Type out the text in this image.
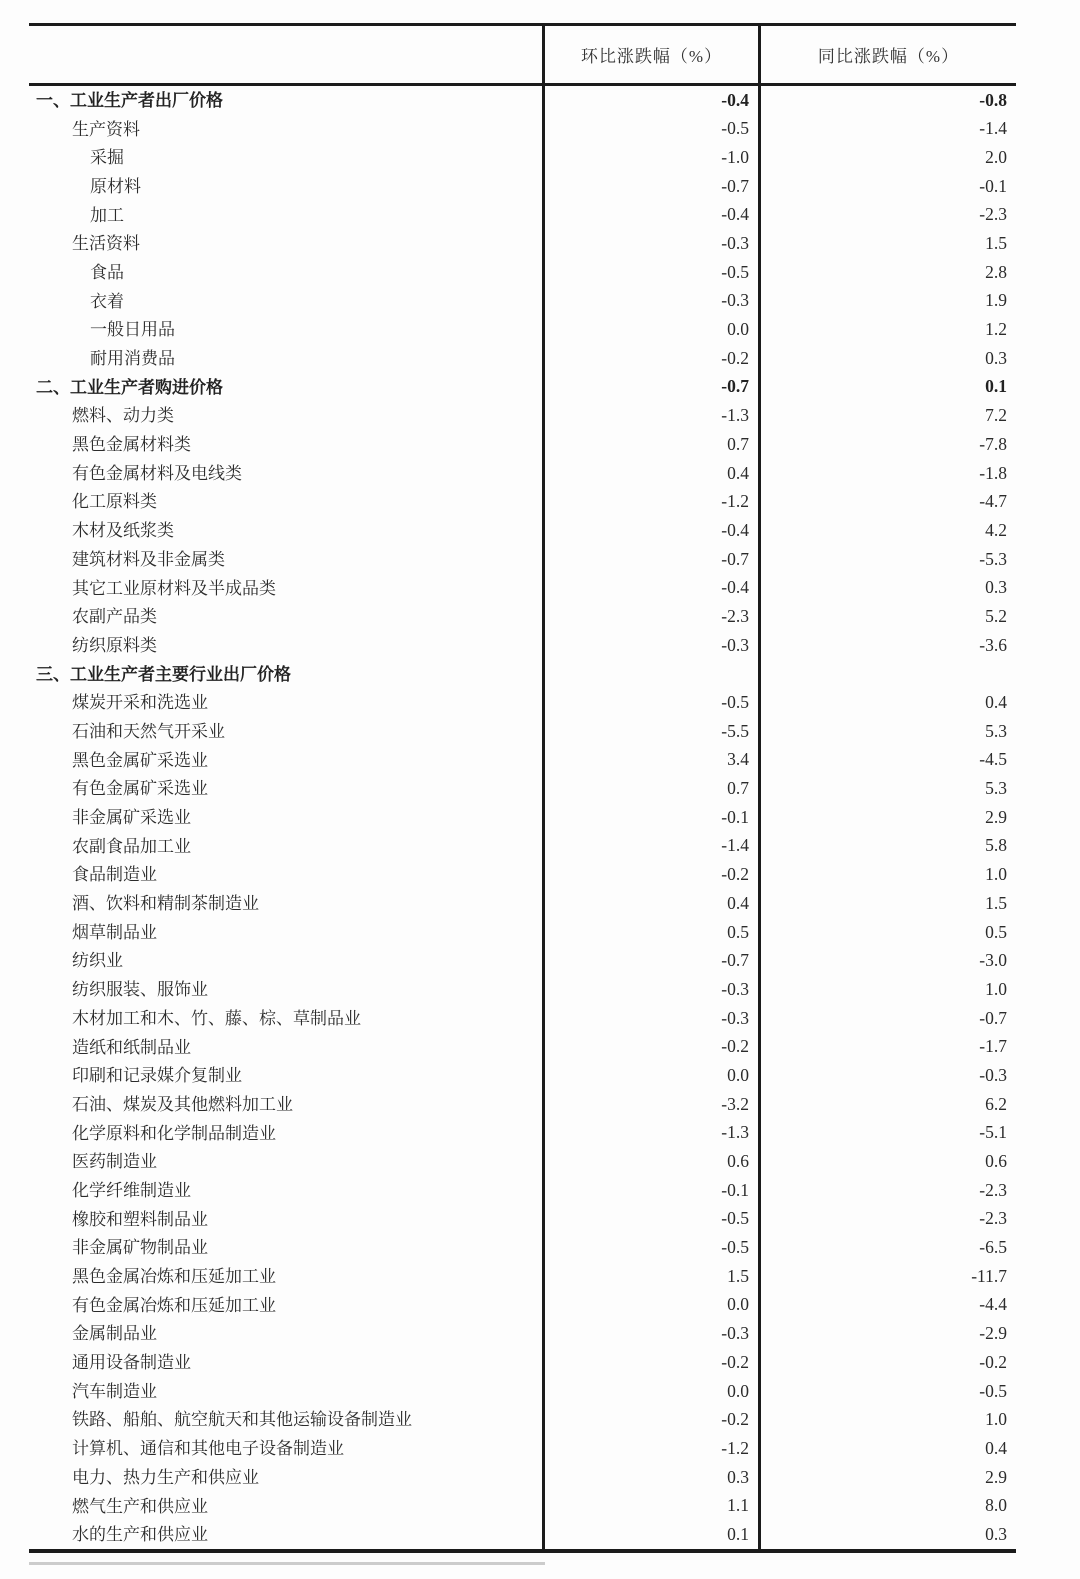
环比涨跌幅（%）	同比涨跌幅（%）
一、工业生产者出厂价格	-0.4	-0.8
生产资料	-0.5	-1.4
采掘	-1.0	2.0
原材料	-0.7	-0.1
加工	-0.4	-2.3
生活资料	-0.3	1.5
食品	-0.5	2.8
衣着	-0.3	1.9
一般日用品	0.0	1.2
耐用消费品	-0.2	0.3
二、工业生产者购进价格	-0.7	0.1
燃料、动力类	-1.3	7.2
黑色金属材料类	0.7	-7.8
有色金属材料及电线类	0.4	-1.8
化工原料类	-1.2	-4.7
木材及纸浆类	-0.4	4.2
建筑材料及非金属类	-0.7	-5.3
其它工业原材料及半成品类	-0.4	0.3
农副产品类	-2.3	5.2
纺织原料类	-0.3	-3.6
三、工业生产者主要行业出厂价格
煤炭开采和洗选业	-0.5	0.4
石油和天然气开采业	-5.5	5.3
黑色金属矿采选业	3.4	-4.5
有色金属矿采选业	0.7	5.3
非金属矿采选业	-0.1	2.9
农副食品加工业	-1.4	5.8
食品制造业	-0.2	1.0
酒、饮料和精制茶制造业	0.4	1.5
烟草制品业	0.5	0.5
纺织业	-0.7	-3.0
纺织服装、服饰业	-0.3	1.0
木材加工和木、竹、藤、棕、草制品业	-0.3	-0.7
造纸和纸制品业	-0.2	-1.7
印刷和记录媒介复制业	0.0	-0.3
石油、煤炭及其他燃料加工业	-3.2	6.2
化学原料和化学制品制造业	-1.3	-5.1
医药制造业	0.6	0.6
化学纤维制造业	-0.1	-2.3
橡胶和塑料制品业	-0.5	-2.3
非金属矿物制品业	-0.5	-6.5
黑色金属冶炼和压延加工业	1.5	-11.7
有色金属冶炼和压延加工业	0.0	-4.4
金属制品业	-0.3	-2.9
通用设备制造业	-0.2	-0.2
汽车制造业	0.0	-0.5
铁路、船舶、航空航天和其他运输设备制造业	-0.2	1.0
计算机、通信和其他电子设备制造业	-1.2	0.4
电力、热力生产和供应业	0.3	2.9
燃气生产和供应业	1.1	8.0
水的生产和供应业	0.1	0.3
